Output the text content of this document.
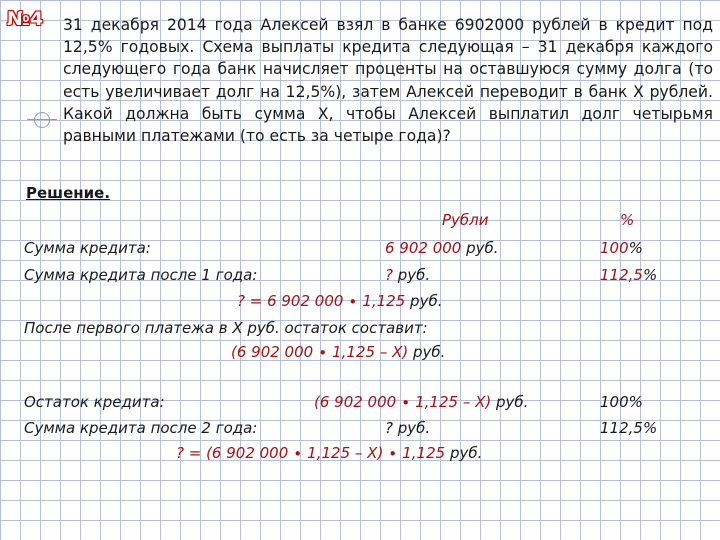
№4 31 декабря 2014 года Алексей взял в банке 6902000 рублей в кредит под 12,5% годовых. Схема выплаты кредита следующая – 31 декабря каждого следующего года банк начисляет проценты на оставшуюся сумму долга (то есть увеличивает долг на 12,5%), затем Алексей переводит в банк X рублей. Какой должна быть сумма X, чтобы Алексей выплатил долг четырьмя равными платежами (то есть за четыре года)?

Решение.
Рубли	%
Сумма кредита:	6 902 000 руб.	100%
Сумма кредита после 1 года:	? руб.	112,5%
? = 6 902 000 ∙ 1,125 руб.
После первого платежа в X руб. остаток составит:
(6 902 000 ∙ 1,125 – X) руб.
Остаток кредита:	(6 902 000 ∙ 1,125 – X) руб.	100%
Сумма кредита после 2 года:	? руб.	112,5%
? = (6 902 000 ∙ 1,125 – X) ∙ 1,125 руб.
